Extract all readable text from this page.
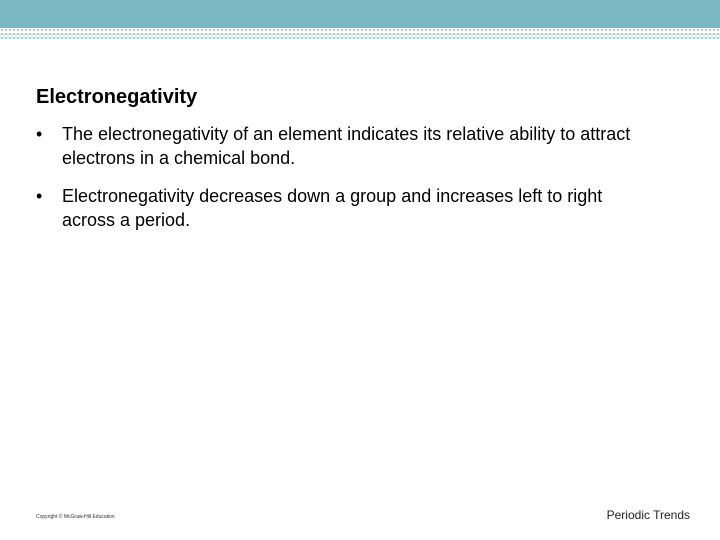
Electronegativity
• The electronegativity of an element indicates its relative ability to attract electrons in a chemical bond.
• Electronegativity decreases down a group and increases left to right across a period.
Copyright © McGraw-Hill Education	Periodic Trends
